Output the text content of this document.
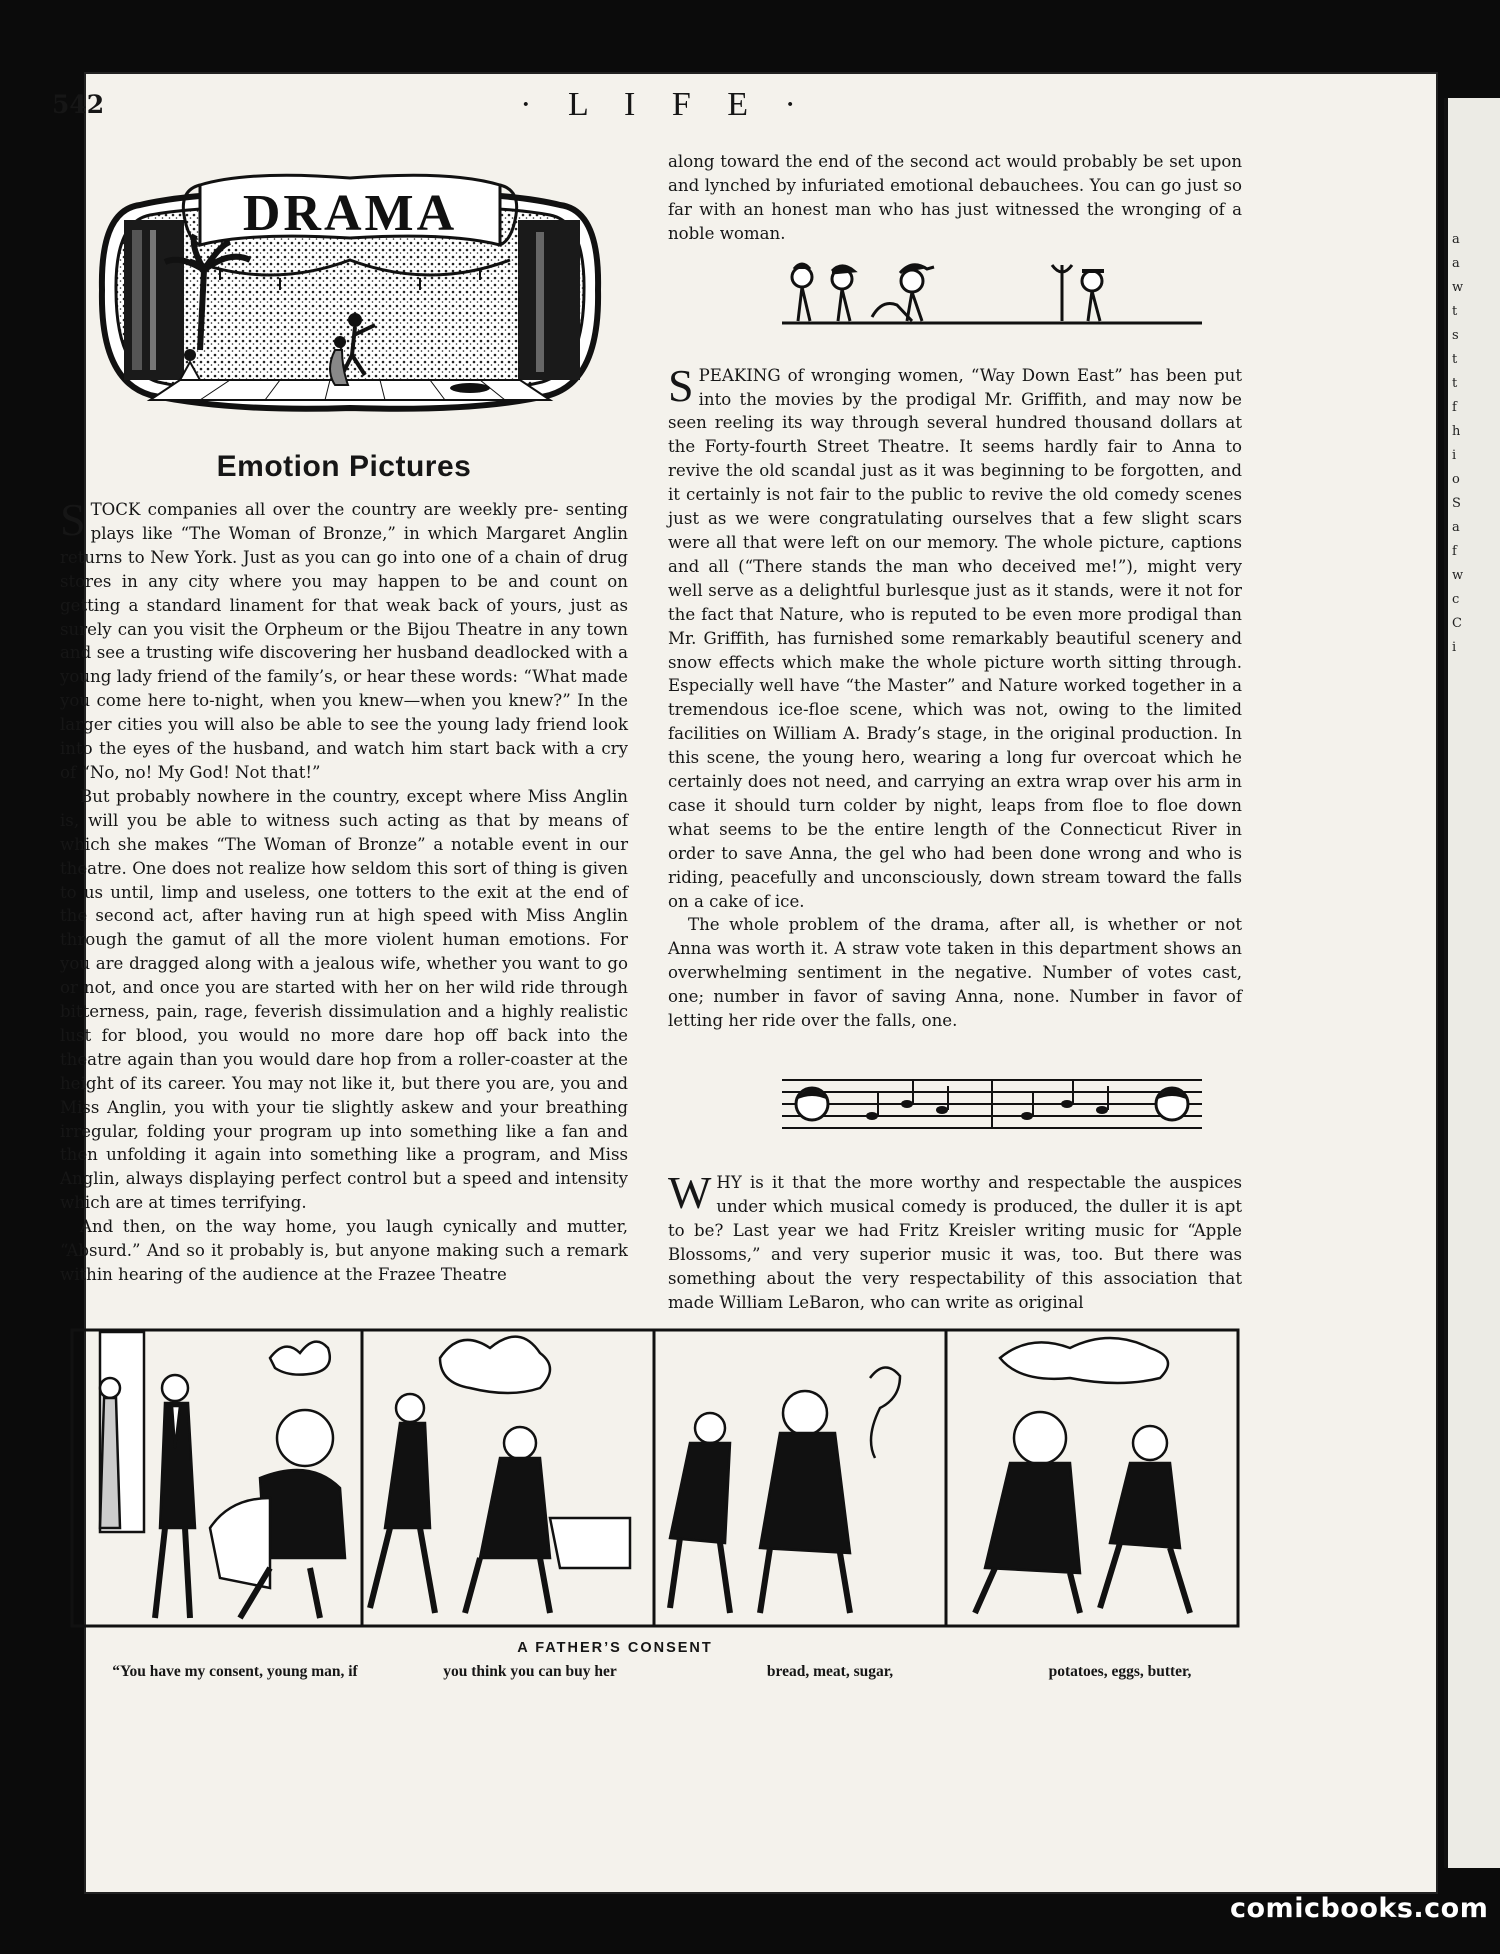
a
a
w
t
s
t
t
f
h
i
o
S
a
f
w
c
C
i
542	· L I F E ·
DRAMA
Emotion Pictures

STOCK companies all over the country are weekly pre- senting plays like “The Woman of Bronze,” in which Margaret Anglin returns to New York. Just as you can go into one of a chain of drug stores in any city where you may happen to be and count on getting a standard linament for that weak back of yours, just as surely can you visit the Orpheum or the Bijou Theatre in any town and see a trusting wife discovering her husband deadlocked with a young lady friend of the family’s, or hear these words: “What made you come here to-night, when you knew—when you knew?” In the larger cities you will also be able to see the young lady friend look into the eyes of the husband, and watch him start back with a cry of “No, no! My God! Not that!”

But probably nowhere in the country, except where Miss Anglin is, will you be able to witness such acting as that by means of which she makes “The Woman of Bronze” a notable event in our theatre. One does not realize how seldom this sort of thing is given to us until, limp and useless, one totters to the exit at the end of the second act, after having run at high speed with Miss Anglin through the gamut of all the more violent human emotions. For you are dragged along with a jealous wife, whether you want to go or not, and once you are started with her on her wild ride through bitterness, pain, rage, feverish dissimulation and a highly realistic lust for blood, you would no more dare hop off back into the theatre again than you would dare hop from a roller-coaster at the height of its career. You may not like it, but there you are, you and Miss Anglin, you with your tie slightly askew and your breathing irregular, folding your program up into something like a fan and then unfolding it again into something like a program, and Miss Anglin, always displaying perfect control but a speed and intensity which are at times terrifying.

And then, on the way home, you laugh cynically and mutter, “Absurd.” And so it probably is, but anyone making such a remark within hearing of the audience at the Frazee Theatre

along toward the end of the second act would probably be set upon and lynched by infuriated emotional debauchees. You can go just so far with an honest man who has just witnessed the wronging of a noble woman.

SPEAKING of wronging women, “Way Down East” has been put into the movies by the prodigal Mr. Griffith, and may now be seen reeling its way through several hundred thousand dollars at the Forty-fourth Street Theatre. It seems hardly fair to Anna to revive the old scandal just as it was beginning to be forgotten, and it certainly is not fair to the public to revive the old comedy scenes just as we were congratulating ourselves that a few slight scars were all that were left on our memory. The whole picture, captions and all (“There stands the man who deceived me!”), might very well serve as a delightful burlesque just as it stands, were it not for the fact that Nature, who is reputed to be even more prodigal than Mr. Griffith, has furnished some remarkably beautiful scenery and snow effects which make the whole picture worth sitting through. Especially well have “the Master” and Nature worked together in a tremendous ice-floe scene, which was not, owing to the limited facilities on William A. Brady’s stage, in the original production. In this scene, the young hero, wearing a long fur overcoat which he certainly does not need, and carrying an extra wrap over his arm in case it should turn colder by night, leaps from floe to floe down what seems to be the entire length of the Connecticut River in order to save Anna, the gel who had been done wrong and who is riding, peacefully and unconsciously, down stream toward the falls on a cake of ice.

The whole problem of the drama, after all, is whether or not Anna was worth it. A straw vote taken in this department shows an overwhelming sentiment in the negative. Number of votes cast, one; number in favor of saving Anna, none. Number in favor of letting her ride over the falls, one.

WHY is it that the more worthy and respectable the auspices under which musical comedy is produced, the duller it is apt to be? Last year we had Fritz Kreisler writing music for “Apple Blossoms,” and very superior music it was, too. But there was something about the very respectability of this association that made William LeBaron, who can write as original

A FATHER’S CONSENT
“You have my consent, young man, if	you think you can buy her	bread, meat, sugar,	potatoes, eggs, butter,
comicbooks.com
